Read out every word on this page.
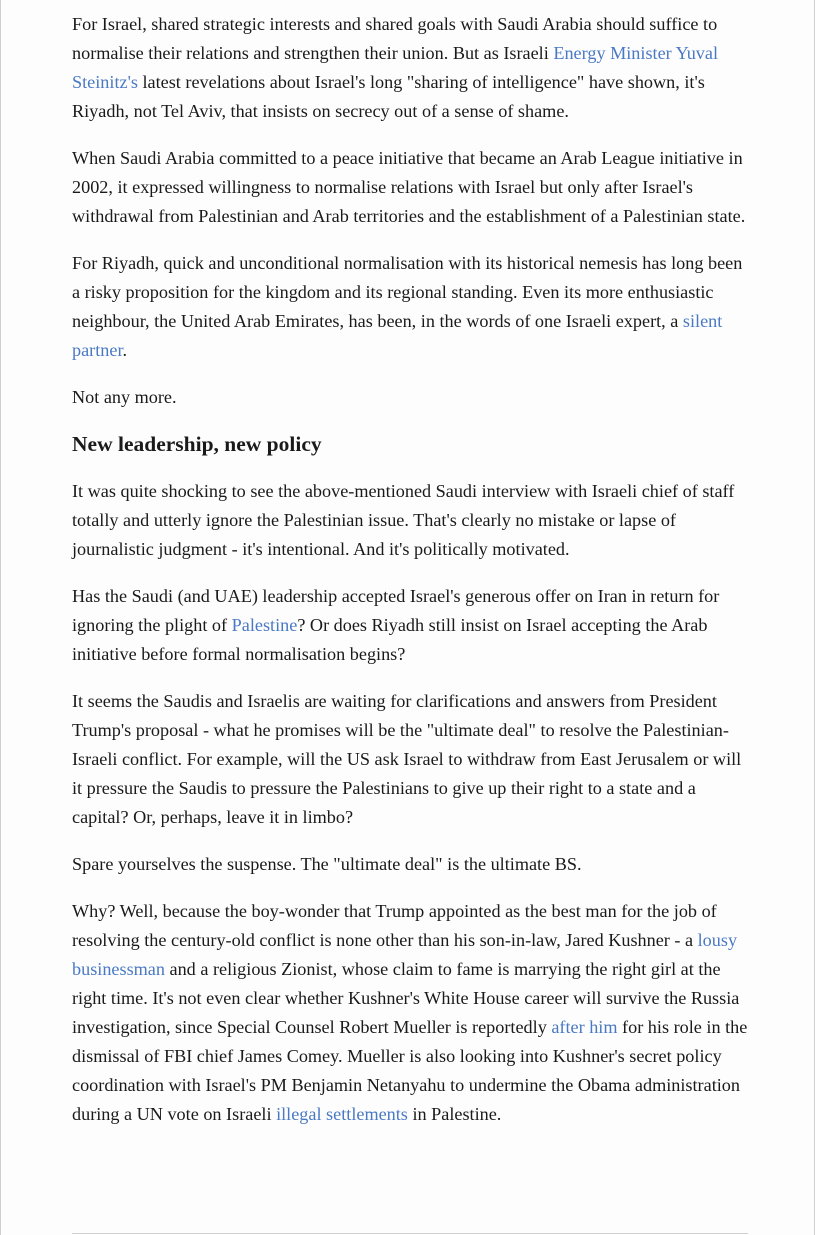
For Israel, shared strategic interests and shared goals with Saudi Arabia should suffice to normalise their relations and strengthen their union. But as Israeli Energy Minister Yuval Steinitz's latest revelations about Israel's long "sharing of intelligence" have shown, it's Riyadh, not Tel Aviv, that insists on secrecy out of a sense of shame.

When Saudi Arabia committed to a peace initiative that became an Arab League initiative in 2002, it expressed willingness to normalise relations with Israel but only after Israel's withdrawal from Palestinian and Arab territories and the establishment of a Palestinian state.

For Riyadh, quick and unconditional normalisation with its historical nemesis has long been a risky proposition for the kingdom and its regional standing. Even its more enthusiastic neighbour, the United Arab Emirates, has been, in the words of one Israeli expert, a silent partner.

Not any more.

New leadership, new policy

It was quite shocking to see the above-mentioned Saudi interview with Israeli chief of staff totally and utterly ignore the Palestinian issue. That's clearly no mistake or lapse of journalistic judgment - it's intentional. And it's politically motivated.

Has the Saudi (and UAE) leadership accepted Israel's generous offer on Iran in return for ignoring the plight of Palestine? Or does Riyadh still insist on Israel accepting the Arab initiative before formal normalisation begins?

It seems the Saudis and Israelis are waiting for clarifications and answers from President Trump's proposal - what he promises will be the "ultimate deal" to resolve the Palestinian-Israeli conflict. For example, will the US ask Israel to withdraw from East Jerusalem or will it pressure the Saudis to pressure the Palestinians to give up their right to a state and a capital? Or, perhaps, leave it in limbo?

Spare yourselves the suspense. The "ultimate deal" is the ultimate BS.

Why? Well, because the boy-wonder that Trump appointed as the best man for the job of resolving the century-old conflict is none other than his son-in-law, Jared Kushner - a lousy businessman and a religious Zionist, whose claim to fame is marrying the right girl at the right time. It's not even clear whether Kushner's White House career will survive the Russia investigation, since Special Counsel Robert Mueller is reportedly after him for his role in the dismissal of FBI chief James Comey. Mueller is also looking into Kushner's secret policy coordination with Israel's PM Benjamin Netanyahu to undermine the Obama administration during a UN vote on Israeli illegal settlements in Palestine.
